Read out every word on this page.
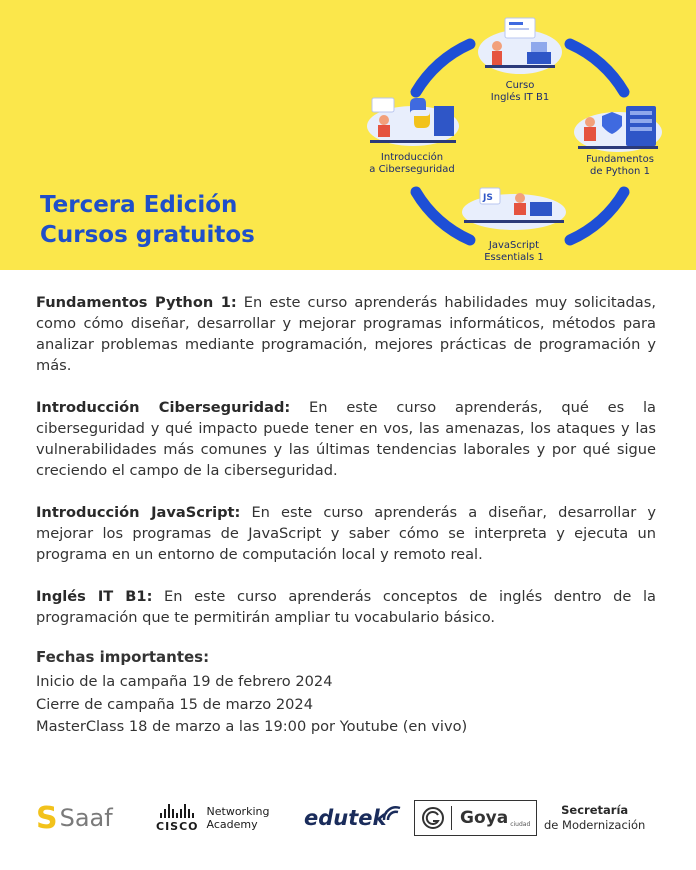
Curso
Inglés IT B1
Fundamentos
de Python 1
JS
JavaScript
Essentials 1
Introducción
a Ciberseguridad
Tercera Edición
Cursos gratuitos

Fundamentos Python 1: En este curso aprenderás habilidades muy solicitadas, como cómo diseñar, desarrollar y mejorar programas informáticos, métodos para analizar problemas mediante programación, mejores prácticas de programación y más.

Introducción Ciberseguridad: En este curso aprenderás, qué es la ciberseguridad y qué impacto puede tener en vos, las amenazas, los ataques y las vulnerabilidades más comunes y las últimas tendencias laborales y por qué sigue creciendo el campo de la ciberseguridad.

Introducción JavaScript: En este curso aprenderás a diseñar, desarrollar y mejorar los programas de JavaScript y saber cómo se interpreta y ejecuta un programa en un entorno de computación local y remoto real.

Inglés IT B1: En este curso aprenderás conceptos de inglés dentro de la programación que te permitirán ampliar tu vocabulario básico.

Fechas importantes:
Inicio de la campaña 19 de febrero 2024
Cierre de campaña 15 de marzo 2024
MasterClass 18 de marzo a las 19:00 por Youtube (en vivo)
S Saaf	CISCO
Networking
Academy	edutek	Goya ciudad
Secretaría
de Modernización
